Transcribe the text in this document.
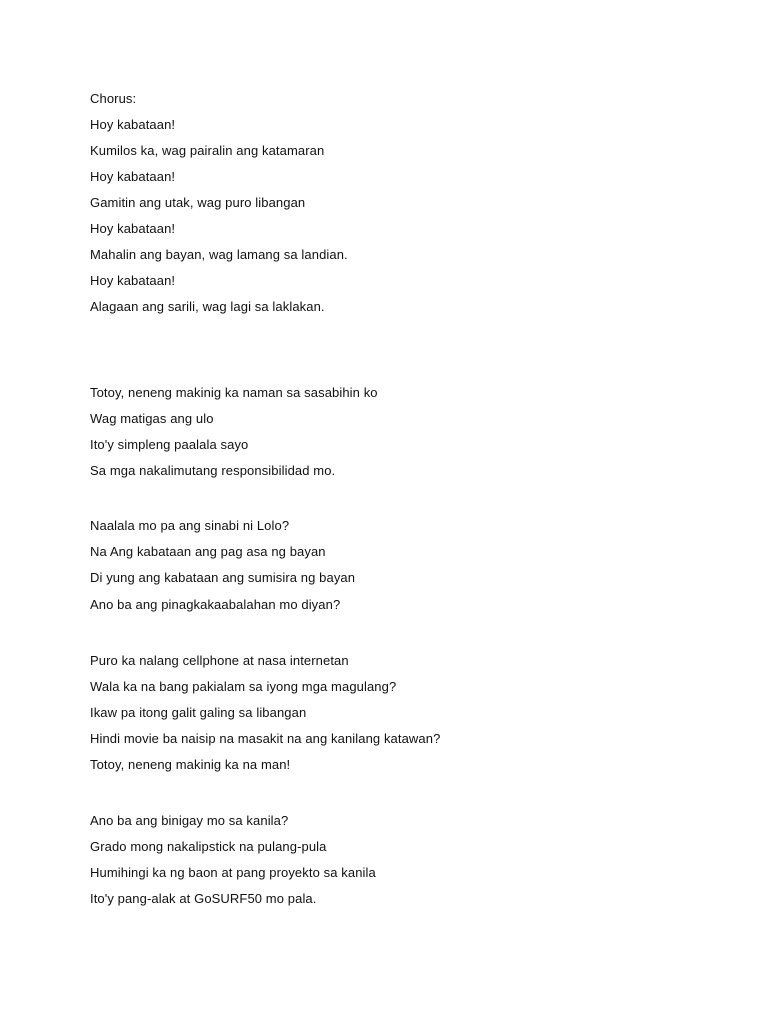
Chorus:
Hoy kabataan!
Kumilos ka, wag pairalin ang katamaran
Hoy kabataan!
Gamitin ang utak, wag puro libangan
Hoy kabataan!
Mahalin ang bayan, wag lamang sa landian.
Hoy kabataan!
Alagaan ang sarili, wag lagi sa laklakan.
Totoy, neneng makinig ka naman sa sasabihin ko
Wag matigas ang ulo
Ito'y simpleng paalala sayo
Sa mga nakalimutang responsibilidad mo.
Naalala mo pa ang sinabi ni Lolo?
Na Ang kabataan ang pag asa ng bayan
Di yung ang kabataan ang sumisira ng bayan
Ano ba ang pinagkakaabalahan mo diyan?
Puro ka nalang cellphone at nasa internetan
Wala ka na bang pakialam sa iyong mga magulang?
Ikaw pa itong galit galing sa libangan
Hindi movie ba naisip na masakit na ang kanilang katawan?
Totoy, neneng makinig ka na man!
Ano ba ang binigay mo sa kanila?
Grado mong nakalipstick na pulang-pula
Humihingi ka ng baon at pang proyekto sa kanila
Ito'y pang-alak at GoSURF50 mo pala.
